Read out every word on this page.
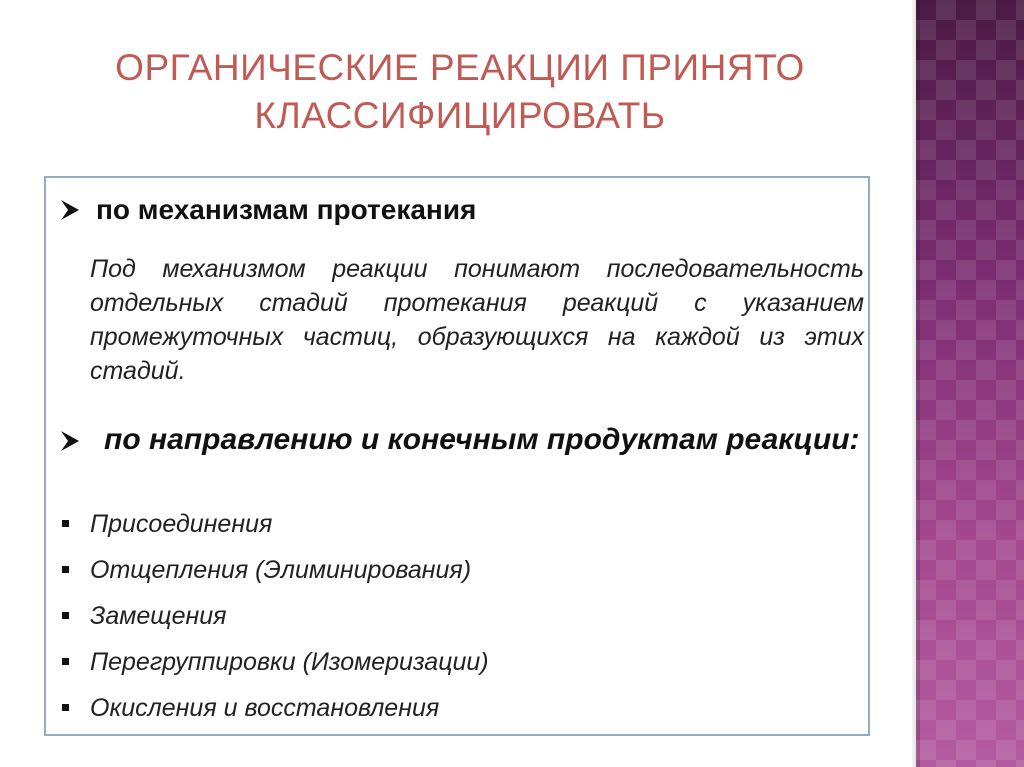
ОРГАНИЧЕСКИЕ РЕАКЦИИ ПРИНЯТО
КЛАССИФИЦИРОВАТЬ
по механизмам протекания
Под механизмом реакции понимают последовательность отдельных стадий протекания реакций с указанием промежуточных частиц, образующихся на каждой из этих стадий.
по направлению и конечным продуктам реакции:
Присоединения
Отщепления (Элиминирования)
Замещения
Перегруппировки (Изомеризации)
Окисления и восстановления
